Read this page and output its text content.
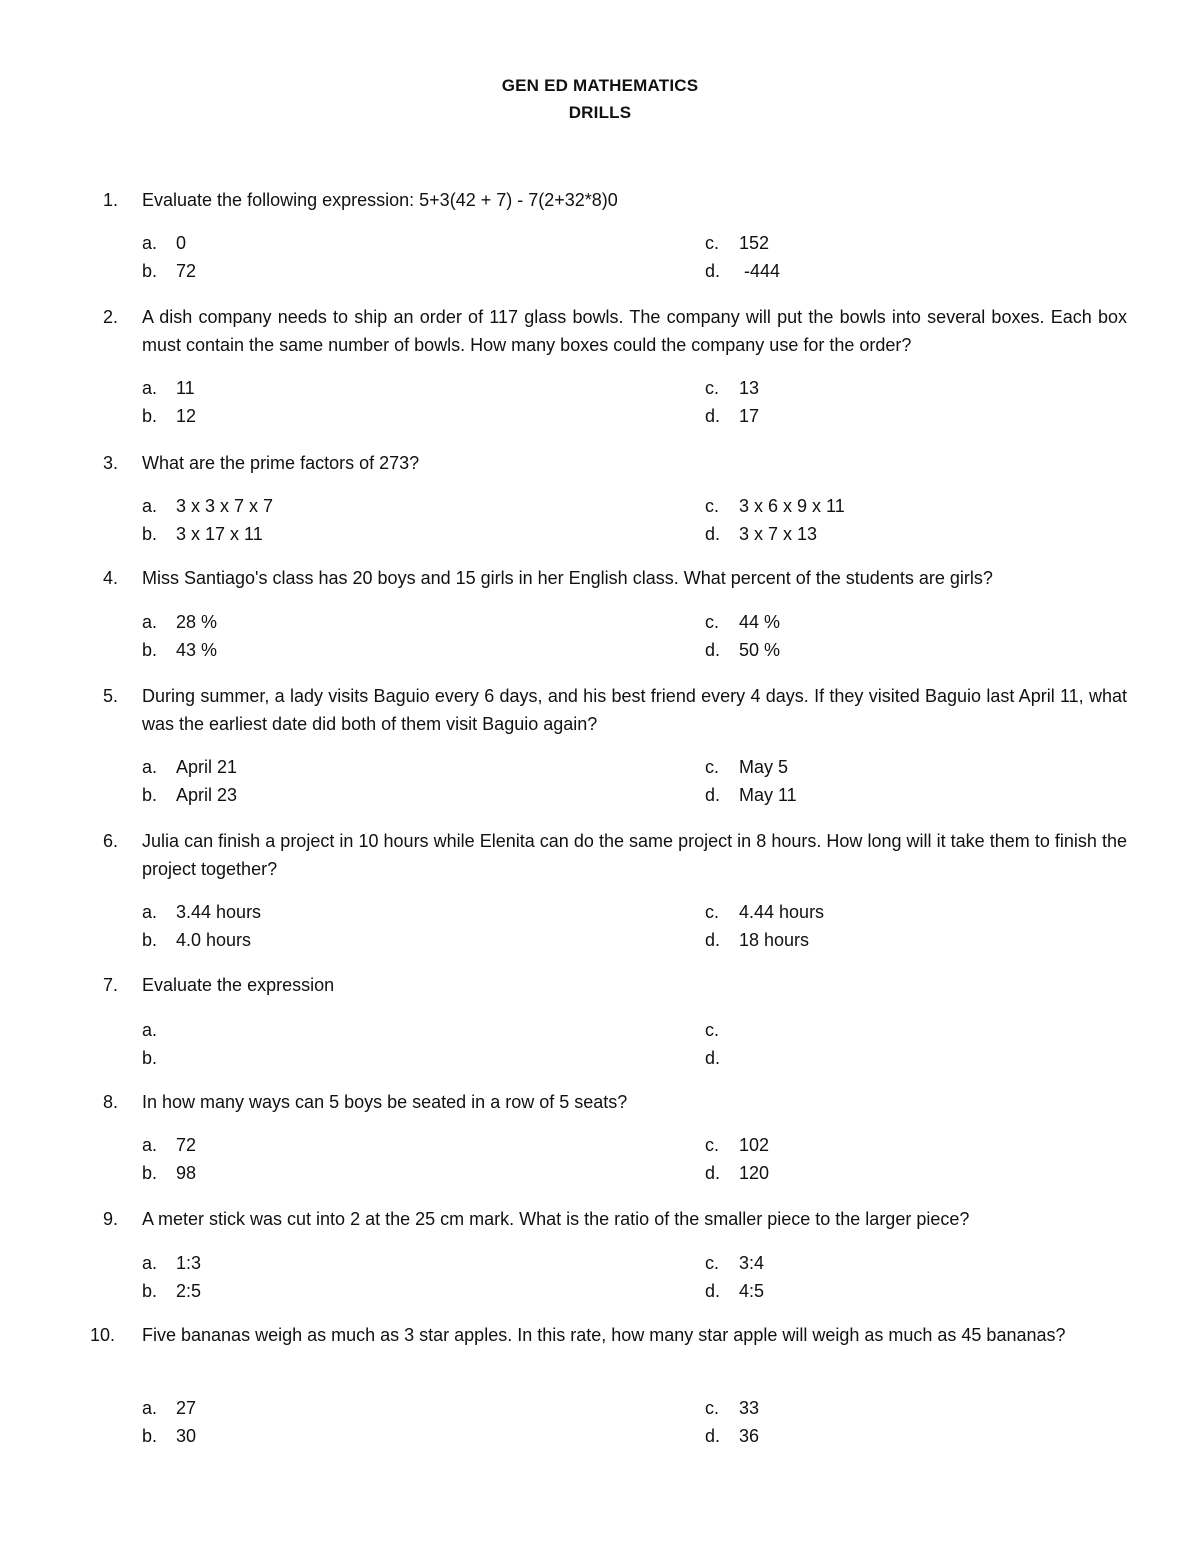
GEN ED MATHEMATICS
DRILLS
1. Evaluate the following expression: 5+3(42 + 7) - 7(2+32*8)0
a. 0
b. 72
c. 152
d. -444
2. A dish company needs to ship an order of 117 glass bowls. The company will put the bowls into several boxes. Each box must contain the same number of bowls. How many boxes could the company use for the order?
a. 11
b. 12
c. 13
d. 17
3. What are the prime factors of 273?
a. 3 x 3 x 7 x 7
b. 3 x 17 x 11
c. 3 x 6 x 9 x 11
d. 3 x 7 x 13
4. Miss Santiago's class has 20 boys and 15 girls in her English class. What percent of the students are girls?
a. 28 %
b. 43 %
c. 44 %
d. 50 %
5. During summer, a lady visits Baguio every 6 days, and his best friend every 4 days. If they visited Baguio last April 11, what was the earliest date did both of them visit Baguio again?
a. April 21
b. April 23
c. May 5
d. May 11
6. Julia can finish a project in 10 hours while Elenita can do the same project in 8 hours. How long will it take them to finish the project together?
a. 3.44 hours
b. 4.0 hours
c. 4.44 hours
d. 18 hours
7. Evaluate the expression
a.
b.
c.
d.
8. In how many ways can 5 boys be seated in a row of 5 seats?
a. 72
b. 98
c. 102
d. 120
9. A meter stick was cut into 2 at the 25 cm mark. What is the ratio of the smaller piece to the larger piece?
a. 1:3
b. 2:5
c. 3:4
d. 4:5
10. Five bananas weigh as much as 3 star apples. In this rate, how many star apple will weigh as much as 45 bananas?
a. 27
b. 30
c. 33
d. 36
